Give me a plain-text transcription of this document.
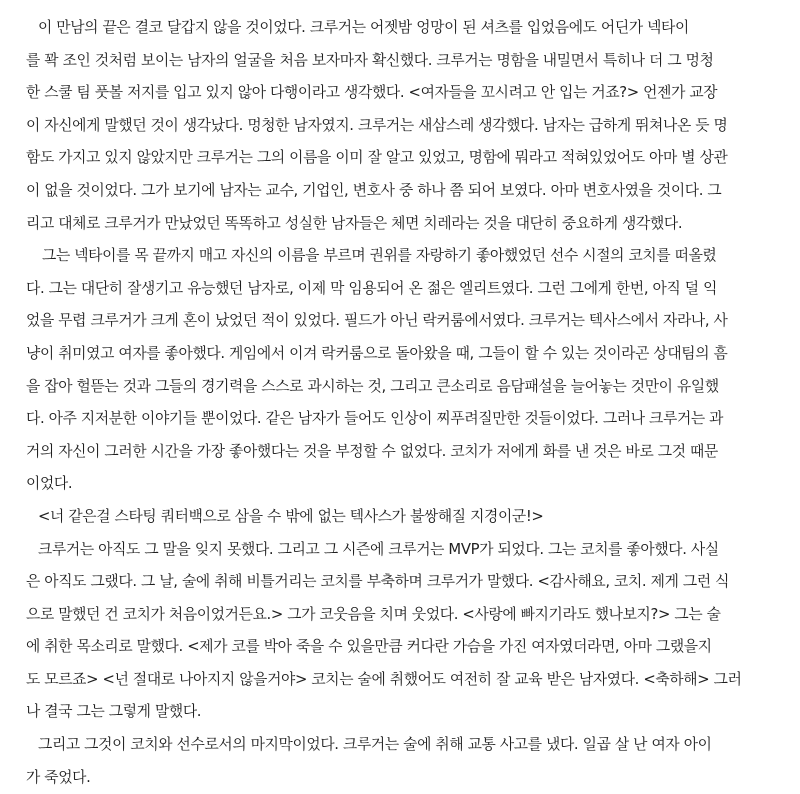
이 만남의 끝은 결코 달갑지 않을 것이었다. 크루거는 어젯밤 엉망이 된 셔츠를 입었음에도 어딘가 넥타이
를 꽉 조인 것처럼 보이는 남자의 얼굴을 처음 보자마자 확신했다. 크루거는 명함을 내밀면서 특히나 더 그 멍청
한 스쿨 팀 풋볼 저지를 입고 있지 않아 다행이라고 생각했다. <여자들을 꼬시려고 안 입는 거죠?> 언젠가 교장
이 자신에게 말했던 것이 생각났다. 멍청한 남자였지. 크루거는 새삼스레 생각했다. 남자는 급하게 뛰쳐나온 듯 명
함도 가지고 있지 않았지만 크루거는 그의 이름을 이미 잘 알고 있었고, 명함에 뭐라고 적혀있었어도 아마 별 상관
이 없을 것이었다. 그가 보기에 남자는 교수, 기업인, 변호사 중 하나 쯤 되어 보였다. 아마 변호사였을 것이다. 그
리고 대체로 크루거가 만났었던 똑똑하고 성실한 남자들은 체면 치레라는 것을 대단히 중요하게 생각했다.

그는 넥타이를 목 끝까지 매고 자신의 이름을 부르며 권위를 자랑하기 좋아했었던 선수 시절의 코치를 떠올렸
다. 그는 대단히 잘생기고 유능했던 남자로, 이제 막 임용되어 온 젊은 엘리트였다. 그런 그에게 한번, 아직 덜 익
었을 무렵 크루거가 크게 혼이 났었던 적이 있었다. 필드가 아닌 락커룸에서였다. 크루거는 텍사스에서 자라나, 사
냥이 취미였고 여자를 좋아했다. 게임에서 이겨 락커룸으로 돌아왔을 때, 그들이 할 수 있는 것이라곤 상대팀의 흠
을 잡아 헐뜯는 것과 그들의 경기력을 스스로 과시하는 것, 그리고 큰소리로 음담패설을 늘어놓는 것만이 유일했
다. 아주 지저분한 이야기들 뿐이었다. 같은 남자가 들어도 인상이 찌푸려질만한 것들이었다. 그러나 크루거는 과
거의 자신이 그러한 시간을 가장 좋아했다는 것을 부정할 수 없었다. 코치가 저에게 화를 낸 것은 바로 그것 때문
이었다.

<너 같은걸 스타팅 쿼터백으로 삼을 수 밖에 없는 텍사스가 불쌍해질 지경이군!>

크루거는 아직도 그 말을 잊지 못했다. 그리고 그 시즌에 크루거는 MVP가 되었다. 그는 코치를 좋아했다. 사실
은 아직도 그랬다. 그 날, 술에 취해 비틀거리는 코치를 부축하며 크루거가 말했다. <감사해요, 코치. 제게 그런 식
으로 말했던 건 코치가 처음이었거든요.> 그가 코웃음을 치며 웃었다. <사랑에 빠지기라도 했나보지?> 그는 술
에 취한 목소리로 말했다. <제가 코를 박아 죽을 수 있을만큼 커다란 가슴을 가진 여자였더라면, 아마 그랬을지
도 모르죠> <넌 절대로 나아지지 않을거야> 코치는 술에 취했어도 여전히 잘 교육 받은 남자였다. <축하해> 그러
나 결국 그는 그렇게 말했다.

그리고 그것이 코치와 선수로서의 마지막이었다. 크루거는 술에 취해 교통 사고를 냈다. 일곱 살 난 여자 아이
가 죽었다.
